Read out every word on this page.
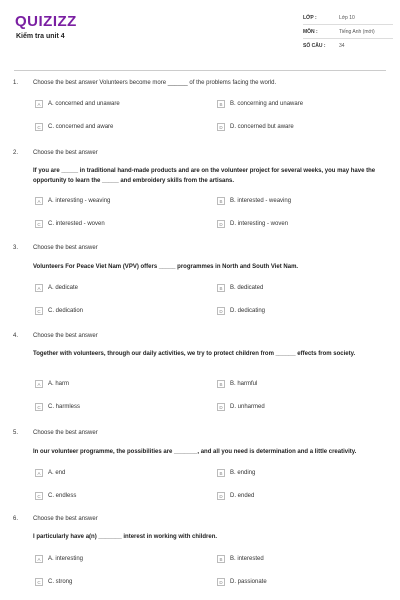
QUIZIZZ
Kiểm tra unit 4
LỚP :	Lớp 10
MÔN :	Tiếng Anh (mới)
SỐ CÂU :	34
1. Choose the best answer Volunteers become more ______ of the problems facing the world.
A	A. concerned and unaware	B	B. concerning and unaware
C	C. concerned and aware	D	D. concerned but aware
2. Choose the best answer
If you are _____ in traditional hand-made products and are on the volunteer project for several weeks, you may have the opportunity to learn the _____ and embroidery skills from the artisans.
A	A. interesting - weaving	B	B. interested - weaving
C	C. interested - woven	D	D. interesting - woven
3. Choose the best answer
Volunteers For Peace Viet Nam (VPV) offers _____ programmes in North and South Viet Nam.
A	A. dedicate	B	B. dedicated
C	C. dedication	D	D. dedicating
4. Choose the best answer
Together with volunteers, through our daily activities, we try to protect children from ______ effects from society.
A	A. harm	B	B. harmful
C	C. harmless	D	D. unharmed
5. Choose the best answer
In our volunteer programme, the possibilities are _______, and all you need is determination and a little creativity.
A	A. end	B	B. ending
C	C. endless	D	D. ended
6. Choose the best answer
I particularly have a(n) _______ interest in working with children.
A	A. interesting	B	B. interested
C	C. strong	D	D. passionate
